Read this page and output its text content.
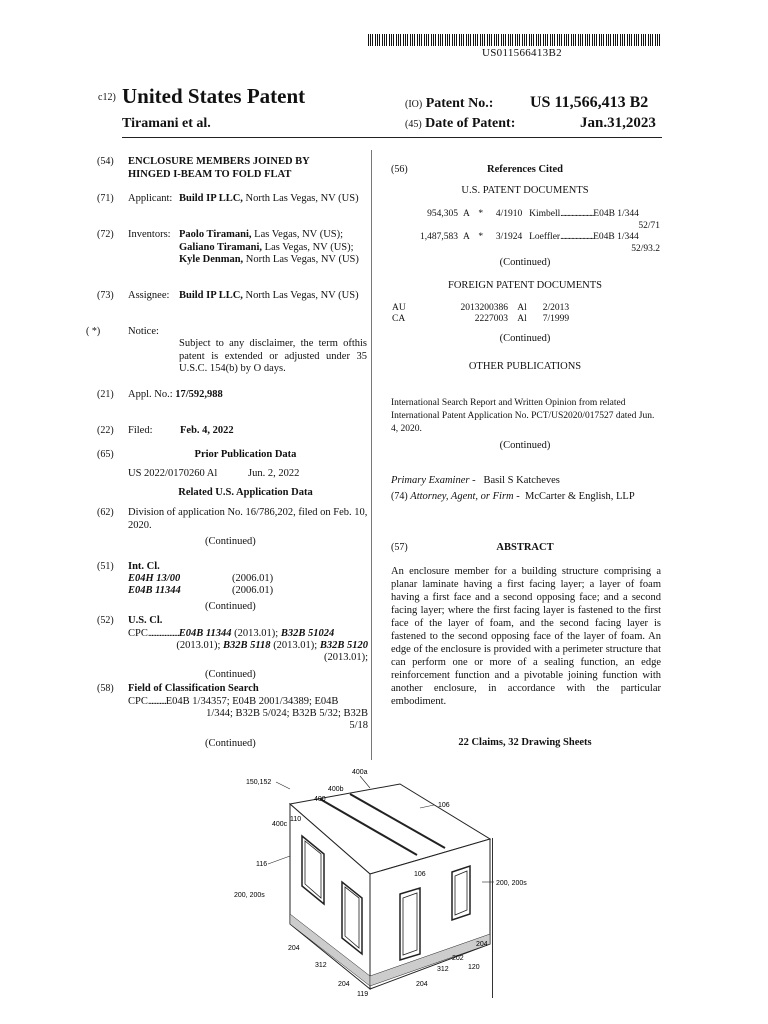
US011566413B2
c12) United States Patent
Tiramani et al.
(IO) Patent No.: US 11,566,413 B2
(45) Date of Patent:	Jan.31,2023
(54) ENCLOSURE MEMBERS JOINED BY HINGED I-BEAM TO FOLD FLAT
(71) Applicant: Build IP LLC, North Las Vegas, NV (US)
(72) Inventors: Paolo Tiramani, Las Vegas, NV (US); Galiano Tiramani, Las Vegas, NV (US); Kyle Denman, North Las Vegas, NV (US)
(73) Assignee: Build IP LLC, North Las Vegas, NV (US)
( *)	Notice:
Subject to any disclaimer, the term ofthis patent is extended or adjusted under 35 U.S.C. 154(b) by O days.
(21) Appl. No.: 17/592,988
(22) Filed:	Feb. 4, 2022
(65)	Prior Publication Data
US 2022/0170260 Al	Jun. 2, 2022
Related U.S. Application Data
(62) Division of application No. 16/786,202, filed on Feb. 10, 2020.
(Continued)
(51) Int. Cl.
E04H 13/00	(2006.01)
E04B 11344	(2006.01)
(Continued)
(52) U.S. Cl.
CPC...................E04B 11344 (2013.01); B32B 51024
(2013.01); B32B 5118 (2013.01); B32B 5120
(2013.01);
(Continued)
(58) Field of Classification Search
CPC...........E04B 1/34357; E04B 2001/34389; E04B
1/344; B32B 5/024; B32B 5/32; B32B
5/18
(Continued)
(56)	References Cited
U.S. PATENT DOCUMENTS
954,305 A * 4/1910 Kimbell........................E04B 1/344
52/71
1,487,583 A * 3/1924 Loeffler........................E04B 1/344
52/93.2
(Continued)
FOREIGN PATENT DOCUMENTS
AU	2013200386 Al 2/2013
CA	2227003 Al 7/1999
(Continued)
OTHER PUBLICATIONS
International Search Report and Written Opinion from related International Patent Application No. PCT/US2020/017527 dated Jun. 4, 2020.
(Continued)
Primary Examiner - Basil S Katcheves
(74) Attorney, Agent, or Firm - McCarter & English, LLP
(57)	ABSTRACT
An enclosure member for a building structure comprising a planar laminate having a first facing layer; a layer of foam having a first face and a second opposing face; and a second facing layer; where the first facing layer is fastened to the first face of the layer of foam, and the second facing layer is fastened to the second opposing face of the layer of foam. An edge of the enclosure is provided with a perimeter structure that can perform one or more of a sealing function, an edge reinforcement function and a pivotable joining function with another enclosure, in accordance with the particular embodiment.
22 Claims, 32 Drawing Sheets
150,152
400a
400b
400
110
400c
106
106
116
200, 200s
200, 200s
204
312
204
119
204
312
202
120
204
